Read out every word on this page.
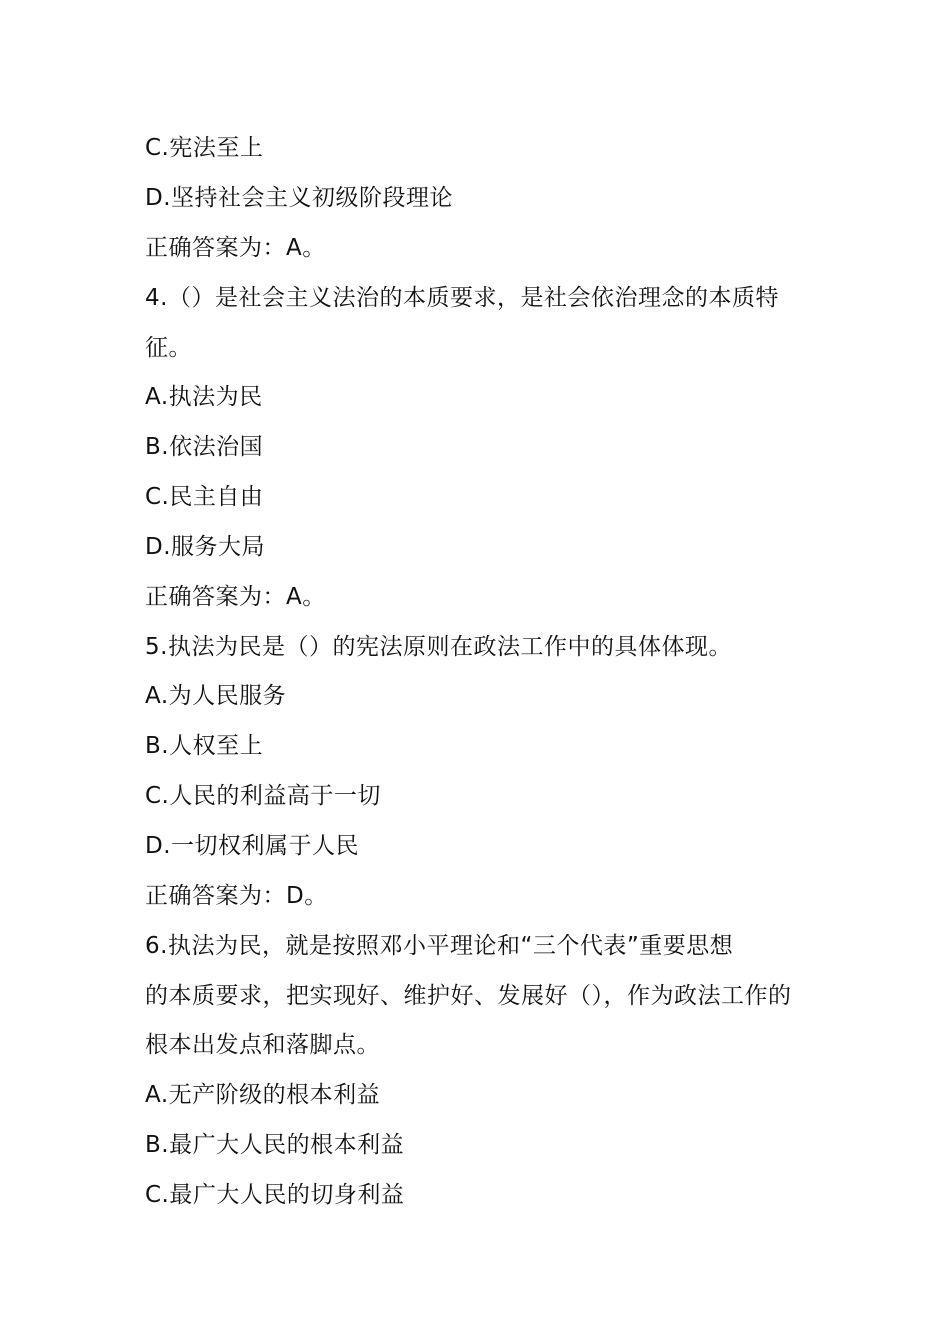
C.宪法至上
D.坚持社会主义初级阶段理论
正确答案为：A。
4.（）是社会主义法治的本质要求，是社会依治理念的本质特
征。
A.执法为民
B.依法治国
C.民主自由
D.服务大局
正确答案为：A。
5.执法为民是（）的宪法原则在政法工作中的具体体现。
A.为人民服务
B.人权至上
C.人民的利益高于一切
D.一切权利属于人民
正确答案为：D。
6.执法为民，就是按照邓小平理论和“三个代表”重要思想
的本质要求，把实现好、维护好、发展好（），作为政法工作的
根本出发点和落脚点。
A.无产阶级的根本利益
B.最广大人民的根本利益
C.最广大人民的切身利益
